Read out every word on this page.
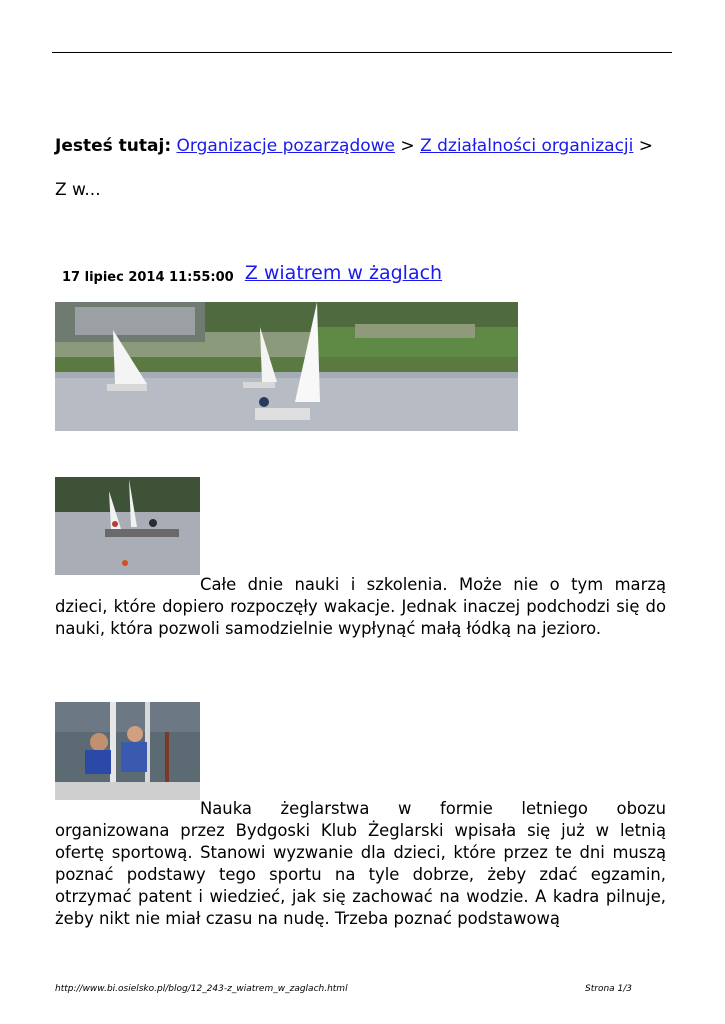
Jesteś tutaj: Organizacje pozarządowe > Z działalności organizacji >
Z w...
17 lipiec 2014 11:55:00 Z wiatrem w żaglach
Całe dnie nauki i szkolenia. Może nie o tym marzą dzieci, które dopiero rozpoczęły wakacje. Jednak inaczej podchodzi się do nauki, która pozwoli samodzielnie wypłynąć małą łódką na jezioro.
Nauka żeglarstwa w formie letniego obozu organizowana przez Bydgoski Klub Żeglarski wpisała się już w letnią ofertę sportową. Stanowi wyzwanie dla dzieci, które przez te dni muszą poznać podstawy tego sportu na tyle dobrze, żeby zdać egzamin, otrzymać patent i wiedzieć, jak się zachować na wodzie. A kadra pilnuje, żeby nikt nie miał czasu na nudę. Trzeba poznać podstawową
http://www.bi.osielsko.pl/blog/12_243-z_wiatrem_w_zaglach.html	Strona 1/3
